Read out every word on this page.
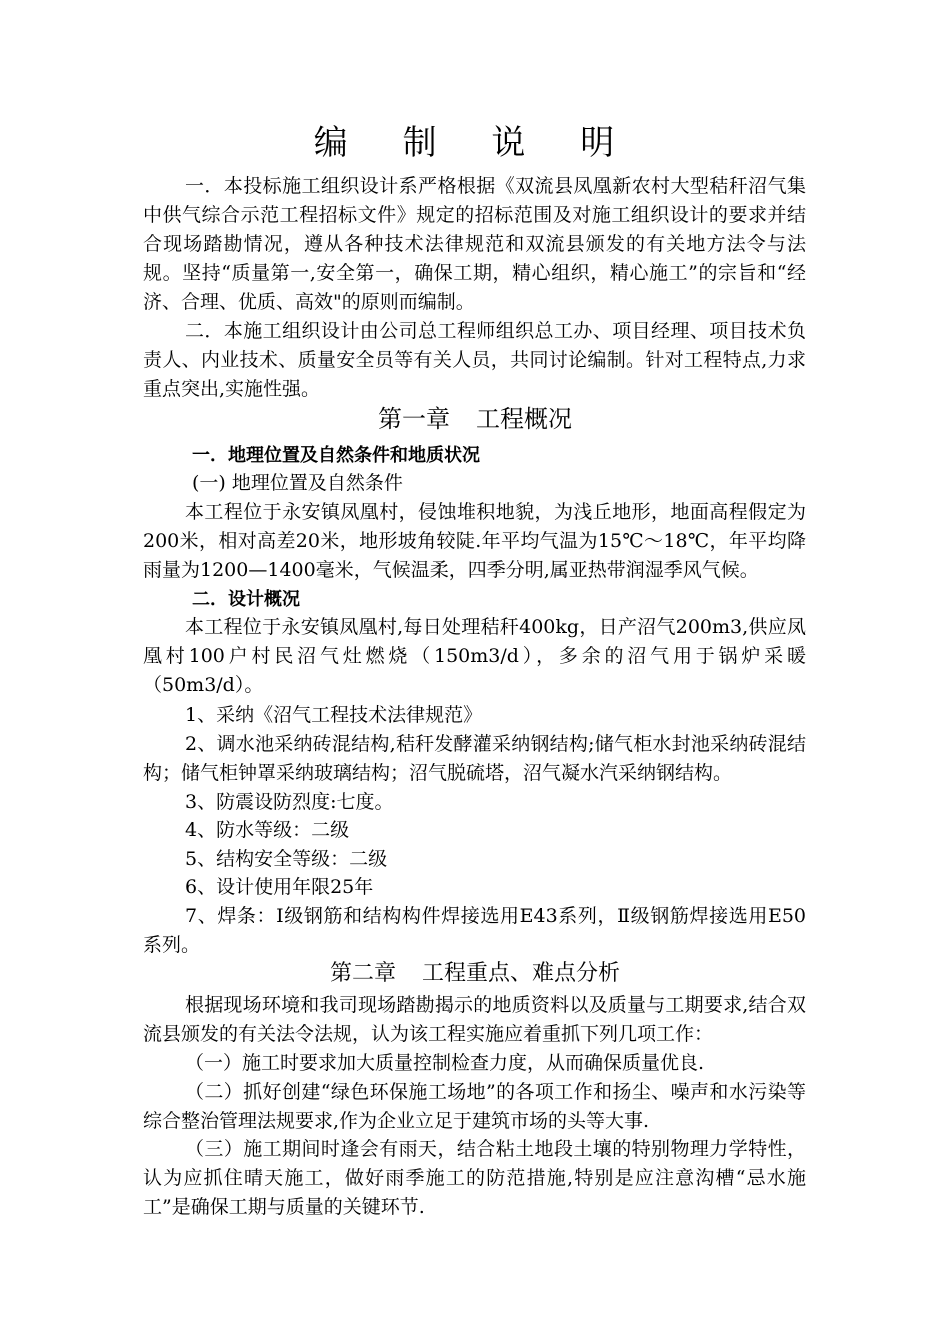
编 制 说 明

一．本投标施工组织设计系严格根据《双流县凤凰新农村大型秸秆沼气集中供气综合示范工程招标文件》规定的招标范围及对施工组织设计的要求并结合现场踏勘情况，遵从各种技术法律规范和双流县颁发的有关地方法令与法规。坚持“质量第一,安全第一，确保工期，精心组织，精心施工”的宗旨和“经济、合理、优质、高效"的原则而编制。

二．本施工组织设计由公司总工程师组织总工办、项目经理、项目技术负责人、内业技术、质量安全员等有关人员，共同讨论编制。针对工程特点,力求重点突出,实施性强。

第一章 工程概况
一．地理位置及自然条件和地质状况

(一) 地理位置及自然条件

本工程位于永安镇凤凰村，侵蚀堆积地貌，为浅丘地形，地面高程假定为200米，相对高差20米，地形坡角较陡.年平均气温为15℃～18℃，年平均降雨量为1200—1400毫米，气候温柔，四季分明,属亚热带润湿季风气候。

二．设计概况

本工程位于永安镇凤凰村,每日处理秸秆400kg，日产沼气200m3,供应凤凰村100户村民沼气灶燃烧（150m3/d），多余的沼气用于锅炉采暖（50m3/d）。

1、采纳《沼气工程技术法律规范》

2、调水池采纳砖混结构,秸秆发酵灌采纳钢结构;储气柜水封池采纳砖混结构；储气柜钟罩采纳玻璃结构；沼气脱硫塔，沼气凝水汽采纳钢结构。

3、防震设防烈度:七度。

4、防水等级：二级

5、结构安全等级：二级

6、设计使用年限25年

7、焊条：Ⅰ级钢筋和结构构件焊接选用E43系列，Ⅱ级钢筋焊接选用E50系列。

第二章 工程重点、难点分析

根据现场环境和我司现场踏勘揭示的地质资料以及质量与工期要求,结合双流县颁发的有关法令法规，认为该工程实施应着重抓下列几项工作：

（一）施工时要求加大质量控制检查力度，从而确保质量优良.

（二）抓好创建“绿色环保施工场地”的各项工作和扬尘、噪声和水污染等综合整治管理法规要求,作为企业立足于建筑市场的头等大事.

（三）施工期间时逢会有雨天，结合粘土地段土壤的特别物理力学特性，认为应抓住晴天施工，做好雨季施工的防范措施,特别是应注意沟槽“忌水施工”是确保工期与质量的关键环节.
